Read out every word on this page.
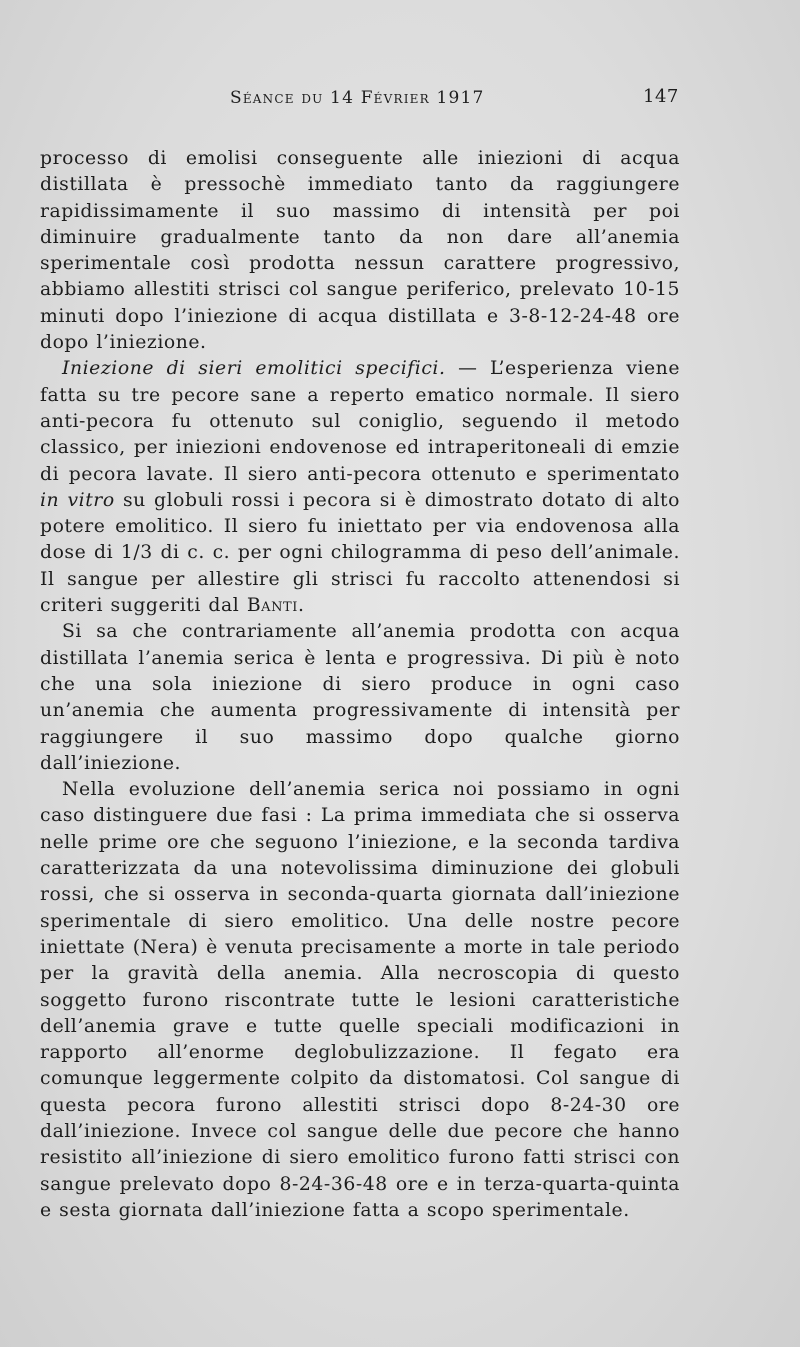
Séance du 14 Février 1917	147

processo di emolisi conseguente alle iniezioni di acqua distillata è pressochè immediato tanto da raggiungere rapidissimamente il suo massimo di intensità per poi diminuire gradualmente tanto da non dare all’anemia sperimentale così prodotta nessun carattere progressivo, abbiamo allestiti strisci col sangue periferico, prelevato 10-15 minuti dopo l’iniezione di acqua distillata e 3-8-12-24-48 ore dopo l’iniezione.

Iniezione di sieri emolitici specifici. — L’esperienza viene fatta su tre pecore sane a reperto ematico normale. Il siero anti-pecora fu ottenuto sul coniglio, seguendo il metodo classico, per iniezioni endovenose ed intraperitoneali di emzie di pecora lavate. Il siero anti-pecora ottenuto e sperimentato in vitro su globuli rossi i pecora si è dimostrato dotato di alto potere emolitico. Il siero fu iniettato per via endovenosa alla dose di 1/3 di c. c. per ogni chilogramma di peso dell’animale. Il sangue per allestire gli strisci fu raccolto attenendosi si criteri suggeriti dal Banti.

Si sa che contrariamente all’anemia prodotta con acqua distillata l’anemia serica è lenta e progressiva. Di più è noto che una sola iniezione di siero produce in ogni caso un’anemia che aumenta progressivamente di intensità per raggiungere il suo massimo dopo qualche giorno dall’iniezione.

Nella evoluzione dell’anemia serica noi possiamo in ogni caso distinguere due fasi : La prima immediata che si osserva nelle prime ore che seguono l’iniezione, e la seconda tardiva caratterizzata da una notevolissima diminuzione dei globuli rossi, che si osserva in seconda-quarta giornata dall’iniezione sperimentale di siero emolitico. Una delle nostre pecore iniettate (Nera) è venuta precisamente a morte in tale periodo per la gravità della anemia. Alla necroscopia di questo soggetto furono riscontrate tutte le lesioni caratteristiche dell’anemia grave e tutte quelle speciali modificazioni in rapporto all’enorme deglobulizzazione. Il fegato era comunque leggermente colpito da distomatosi. Col sangue di questa pecora furono allestiti strisci dopo 8-24-30 ore dall’iniezione. Invece col sangue delle due pecore che hanno resistito all’iniezione di siero emolitico furono fatti strisci con sangue prelevato dopo 8-24-36-48 ore e in terza-quarta-quinta e sesta giornata dall’iniezione fatta a scopo sperimentale.
